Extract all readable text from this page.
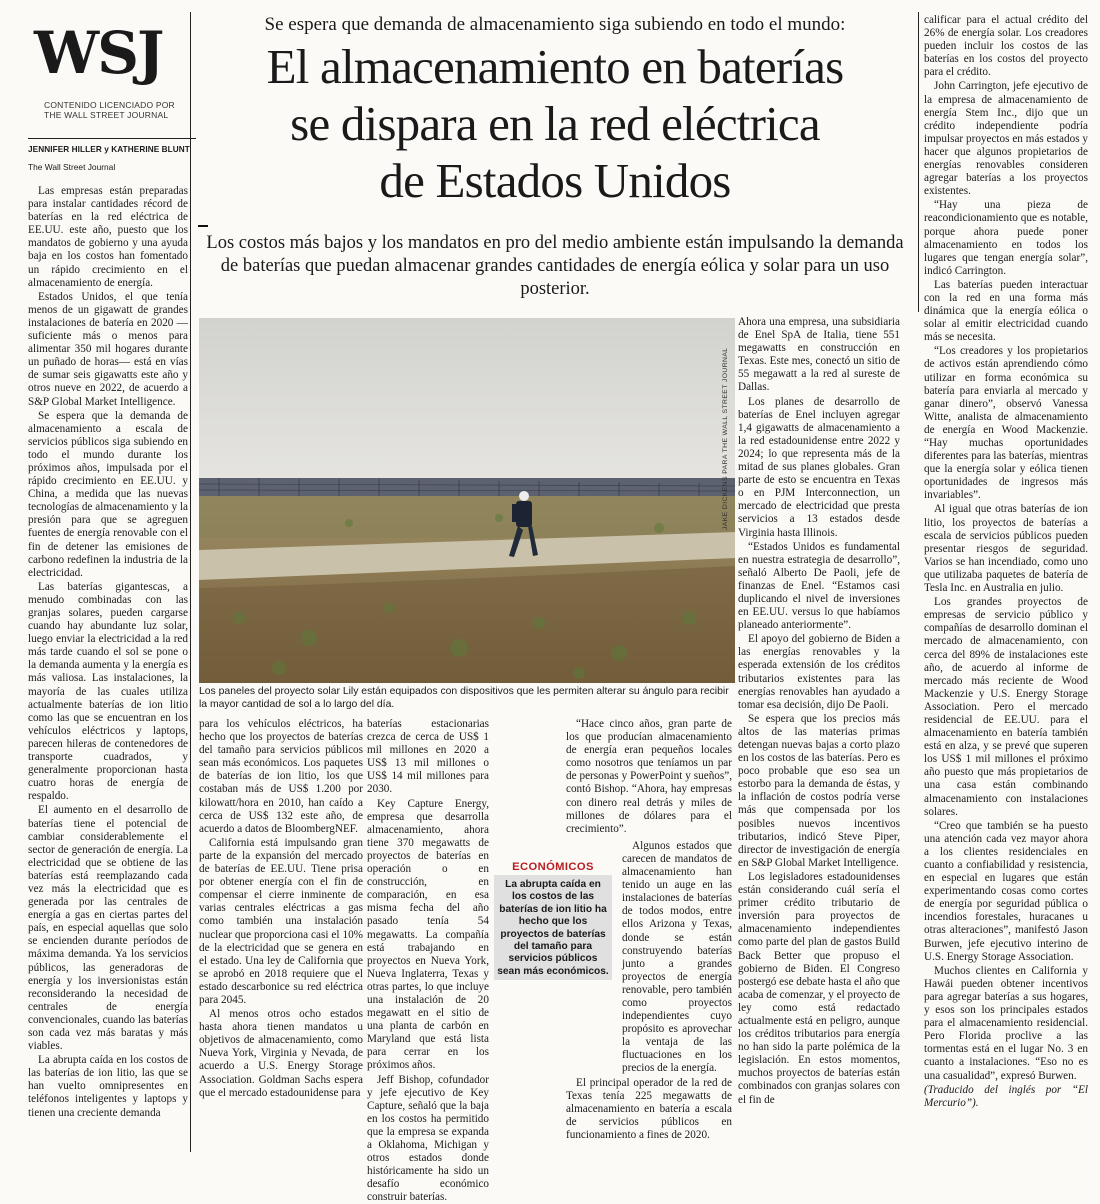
WSJ
CONTENIDO LICENCIADO POR
THE WALL STREET JOURNAL
JENNIFER HILLER y KATHERINE BLUNT
The Wall Street Journal
Se espera que demanda de almacenamiento siga subiendo en todo el mundo:
El almacenamiento en baterías
se dispara en la red eléctrica
de Estados Unidos
Los costos más bajos y los mandatos en pro del medio ambiente están impulsando la demanda de baterías que puedan almacenar grandes cantidades de energía eólica y solar para un uso posterior.
JAKE DICKENS PARA THE WALL STREET JOURNAL
Los paneles del proyecto solar Lily están equipados con dispositivos que les permiten alterar su ángulo para recibir la mayor cantidad de sol a lo largo del día.

Las empresas están preparadas para instalar cantidades récord de baterías en la red eléctrica de EE.UU. este año, puesto que los mandatos de gobierno y una ayuda baja en los costos han fomentado un rápido crecimiento en el almacenamiento de energía.

Estados Unidos, el que tenía menos de un gigawatt de grandes instalaciones de batería en 2020 —suficiente más o menos para alimentar 350 mil hogares durante un puñado de horas— está en vías de sumar seis gigawatts este año y otros nueve en 2022, de acuerdo a S&P Global Market Intelligence.

Se espera que la demanda de almacenamiento a escala de servicios públicos siga subiendo en todo el mundo durante los próximos años, impulsada por el rápido crecimiento en EE.UU. y China, a medida que las nuevas tecnologías de almacenamiento y la presión para que se agreguen fuentes de energía renovable con el fin de detener las emisiones de carbono redefinen la industria de la electricidad.

Las baterías gigantescas, a menudo combinadas con las granjas solares, pueden cargarse cuando hay abundante luz solar, luego enviar la electricidad a la red más tarde cuando el sol se pone o la demanda aumenta y la energía es más valiosa. Las instalaciones, la mayoría de las cuales utiliza actualmente baterías de ion litio como las que se encuentran en los vehículos eléctricos y laptops, parecen hileras de contenedores de transporte cuadrados, y generalmente proporcionan hasta cuatro horas de energía de respaldo.

El aumento en el desarrollo de baterías tiene el potencial de cambiar considerablemente el sector de generación de energía. La electricidad que se obtiene de las baterías está reemplazando cada vez más la electricidad que es generada por las centrales de energía a gas en ciertas partes del país, en especial aquellas que solo se encienden durante períodos de máxima demanda. Ya los servicios públicos, las generadoras de energía y los inversionistas están reconsiderando la necesidad de centrales de energía convencionales, cuando las baterías son cada vez más baratas y más viables.

La abrupta caída en los costos de las baterías de ion litio, las que se han vuelto omnipresentes en teléfonos inteligentes y laptops y tienen una creciente demanda

para los vehículos eléctricos, ha hecho que los proyectos de baterías del tamaño para servicios públicos sean más económicos. Los paquetes de baterías de ion litio, los que costaban más de US$ 1.200 por kilowatt/hora en 2010, han caído a cerca de US$ 132 este año, de acuerdo a datos de BloombergNEF.

California está impulsando gran parte de la expansión del mercado de baterías de EE.UU. Tiene prisa por obtener energía con el fin de compensar el cierre inminente de varias centrales eléctricas a gas como también una instalación nuclear que proporciona casi el 10% de la electricidad que se genera en el estado. Una ley de California que se aprobó en 2018 requiere que el estado descarbonice su red eléctrica para 2045.

Al menos otros ocho estados hasta ahora tienen mandatos u objetivos de almacenamiento, como Nueva York, Virginia y Nevada, de acuerdo a U.S. Energy Storage Association. Goldman Sachs espera que el mercado estadounidense para

baterías estacionarias crezca de cerca de US$ 1 mil millones en 2020 a US$ 13 mil millones o US$ 14 mil millones para 2030.

Key Capture Energy, empresa que desarrolla almacenamiento, ahora tiene 370 megawatts de proyectos de baterías en operación o en construcción, en comparación, en esa misma fecha del año pasado tenía 54 megawatts. La compañía está trabajando en proyectos en Nueva York, Nueva Inglaterra, Texas y otras partes, lo que incluye una instalación de 20 megawatt en el sitio de una planta de carbón en Maryland que está lista para cerrar en los próximos años.

Jeff Bishop, cofundador y jefe ejecutivo de Key Capture, señaló que la baja en los costos ha permitido que la empresa se expanda a Oklahoma, Michigan y otros estados donde históricamente ha sido un desafío económico construir baterías.

“Hace cinco años, gran parte de los que producían almacenamiento de energía eran pequeños locales como nosotros que teníamos un par de personas y PowerPoint y sueños”, contó Bishop. “Ahora, hay empresas con dinero real detrás y miles de millones de dólares para el crecimiento”.

Algunos estados que carecen de mandatos de almacenamiento han tenido un auge en las instalaciones de baterías de todos modos, entre ellos Arizona y Texas, donde se están construyendo baterías junto a grandes proyectos de energía renovable, pero también como proyectos independientes cuyo propósito es aprovechar la ventaja de las fluctuaciones en los precios de la energía.

El principal operador de la red de Texas tenía 225 megawatts de almacenamiento en batería a escala de servicios públicos en funcionamiento a fines de 2020.

ECONÓMICOS
La abrupta caída en los costos de las baterías de ion litio ha hecho que los proyectos de baterías del tamaño para servicios públicos sean más económicos.

Ahora una empresa, una subsidiaria de Enel SpA de Italia, tiene 551 megawatts en construcción en Texas. Este mes, conectó un sitio de 55 megawatt a la red al sureste de Dallas.

Los planes de desarrollo de baterías de Enel incluyen agregar 1,4 gigawatts de almacenamiento a la red estadounidense entre 2022 y 2024; lo que representa más de la mitad de sus planes globales. Gran parte de esto se encuentra en Texas o en PJM Interconnection, un mercado de electricidad que presta servicios a 13 estados desde Virginia hasta Illinois.

“Estados Unidos es fundamental en nuestra estrategia de desarrollo”, señaló Alberto De Paoli, jefe de finanzas de Enel. “Estamos casi duplicando el nivel de inversiones en EE.UU. versus lo que habíamos planeado anteriormente”.

El apoyo del gobierno de Biden a las energías renovables y la esperada extensión de los créditos tributarios existentes para las energías renovables han ayudado a tomar esa decisión, dijo De Paoli.

Se espera que los precios más altos de las materias primas detengan nuevas bajas a corto plazo en los costos de las baterías. Pero es poco probable que eso sea un estorbo para la demanda de éstas, y la inflación de costos podría verse más que compensada por los posibles nuevos incentivos tributarios, indicó Steve Piper, director de investigación de energía en S&P Global Market Intelligence.

Los legisladores estadounidenses están considerando cuál sería el primer crédito tributario de inversión para proyectos de almacenamiento independientes como parte del plan de gastos Build Back Better que propuso el gobierno de Biden. El Congreso postergó ese debate hasta el año que acaba de comenzar, y el proyecto de ley como está redactado actualmente está en peligro, aunque los créditos tributarios para energía no han sido la parte polémica de la legislación. En estos momentos, muchos proyectos de baterías están combinados con granjas solares con el fin de

calificar para el actual crédito del 26% de energía solar. Los creadores pueden incluir los costos de las baterías en los costos del proyecto para el crédito.

John Carrington, jefe ejecutivo de la empresa de almacenamiento de energía Stem Inc., dijo que un crédito independiente podría impulsar proyectos en más estados y hacer que algunos propietarios de energías renovables consideren agregar baterías a los proyectos existentes.

“Hay una pieza de reacondicionamiento que es notable, porque ahora puede poner almacenamiento en todos los lugares que tengan energía solar”, indicó Carrington.

Las baterías pueden interactuar con la red en una forma más dinámica que la energía eólica o solar al emitir electricidad cuando más se necesita.

“Los creadores y los propietarios de activos están aprendiendo cómo utilizar en forma económica su batería para enviarla al mercado y ganar dinero”, observó Vanessa Witte, analista de almacenamiento de energía en Wood Mackenzie. “Hay muchas oportunidades diferentes para las baterías, mientras que la energía solar y eólica tienen oportunidades de ingresos más invariables”.

Al igual que otras baterías de ion litio, los proyectos de baterías a escala de servicios públicos pueden presentar riesgos de seguridad. Varios se han incendiado, como uno que utilizaba paquetes de batería de Tesla Inc. en Australia en julio.

Los grandes proyectos de empresas de servicio público y compañías de desarrollo dominan el mercado de almacenamiento, con cerca del 89% de instalaciones este año, de acuerdo al informe de mercado más reciente de Wood Mackenzie y U.S. Energy Storage Association. Pero el mercado residencial de EE.UU. para el almacenamiento en batería también está en alza, y se prevé que superen los US$ 1 mil millones el próximo año puesto que más propietarios de una casa están combinando almacenamiento con instalaciones solares.

“Creo que también se ha puesto una atención cada vez mayor ahora a los clientes residenciales en cuanto a confiabilidad y resistencia, en especial en lugares que están experimentando cosas como cortes de energía por seguridad pública o incendios forestales, huracanes u otras alteraciones”, manifestó Jason Burwen, jefe ejecutivo interino de U.S. Energy Storage Association.

Muchos clientes en California y Hawái pueden obtener incentivos para agregar baterías a sus hogares, y esos son los principales estados para el almacenamiento residencial. Pero Florida proclive a las tormentas está en el lugar No. 3 en cuanto a instalaciones. “Eso no es una casualidad”, expresó Burwen.

(Traducido del inglés por “El Mercurio”).
